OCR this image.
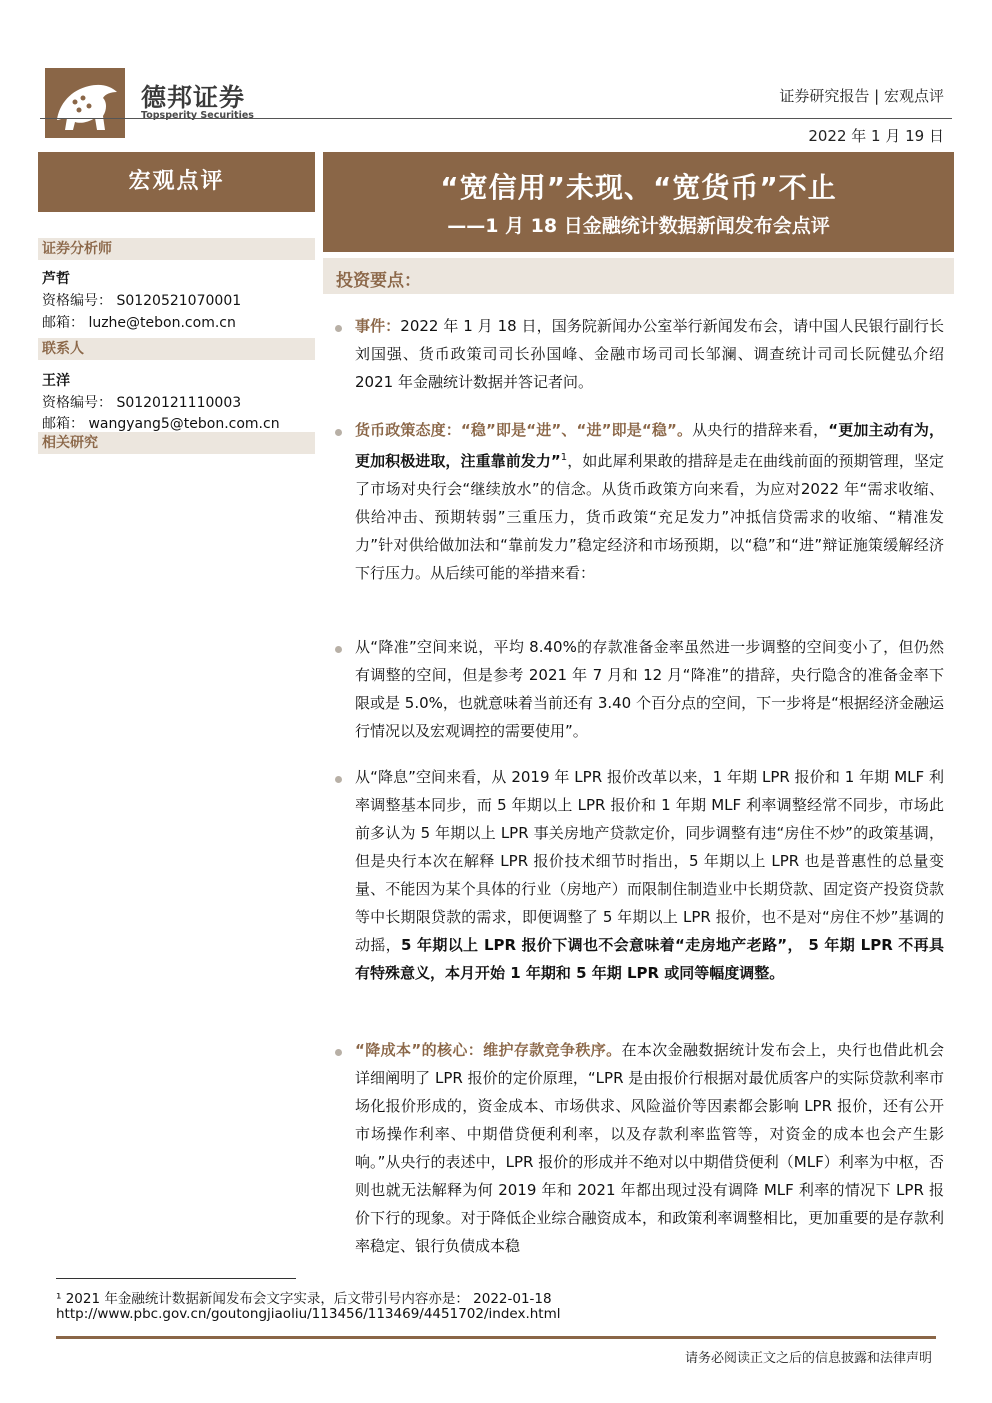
德邦证券
Topsperity Securities
证券研究报告 | 宏观点评
2022 年 1 月 19 日
宏观点评
证券分析师
芦哲
资格编号： S0120521070001
邮箱： luzhe@tebon.com.cn
联系人
王洋
资格编号： S0120121110003
邮箱： wangyang5@tebon.com.cn
相关研究
“宽信用”未现、“宽货币”不止
——1 月 18 日金融统计数据新闻发布会点评
投资要点：
事件：2022 年 1 月 18 日，国务院新闻办公室举行新闻发布会，请中国人民银行副行长刘国强、货币政策司司长孙国峰、金融市场司司长邹澜、调查统计司司长阮健弘介绍 2021 年金融统计数据并答记者问。
货币政策态度：“稳”即是“进”、“进”即是“稳”。从央行的措辞来看，“更加主动有为，更加积极进取，注重靠前发力”$^1$，如此犀利果敢的措辞是走在曲线前面的预期管理，坚定了市场对央行会“继续放水”的信念。从货币政策方向来看，为应对2022 年“需求收缩、供给冲击、预期转弱”三重压力，货币政策“充足发力”冲抵信贷需求的收缩、“精准发力”针对供给做加法和“靠前发力”稳定经济和市场预期，以“稳”和“进”辩证施策缓解经济下行压力。从后续可能的举措来看：
从“降准”空间来说，平均 8.40%的存款准备金率虽然进一步调整的空间变小了，但仍然有调整的空间，但是参考 2021 年 7 月和 12 月“降准”的措辞，央行隐含的准备金率下限或是 5.0%，也就意味着当前还有 3.40 个百分点的空间，下一步将是“根据经济金融运行情况以及宏观调控的需要使用”。
从“降息”空间来看，从 2019 年 LPR 报价改革以来，1 年期 LPR 报价和 1 年期 MLF 利率调整基本同步，而 5 年期以上 LPR 报价和 1 年期 MLF 利率调整经常不同步，市场此前多认为 5 年期以上 LPR 事关房地产贷款定价，同步调整有违“房住不炒”的政策基调，但是央行本次在解释 LPR 报价技术细节时指出，5 年期以上 LPR 也是普惠性的总量变量、不能因为某个具体的行业（房地产）而限制住制造业中长期贷款、固定资产投资贷款等中长期限贷款的需求，即便调整了 5 年期以上 LPR 报价，也不是对“房住不炒”基调的动摇，5 年期以上 LPR 报价下调也不会意味着“走房地产老路”， 5 年期 LPR 不再具有特殊意义，本月开始 1 年期和 5 年期 LPR 或同等幅度调整。
“降成本”的核心：维护存款竞争秩序。在本次金融数据统计发布会上，央行也借此机会详细阐明了 LPR 报价的定价原理，“LPR 是由报价行根据对最优质客户的实际贷款利率市场化报价形成的，资金成本、市场供求、风险溢价等因素都会影响 LPR 报价，还有公开市场操作利率、中期借贷便利利率，以及存款利率监管等，对资金的成本也会产生影响。”从央行的表述中，LPR 报价的形成并不绝对以中期借贷便利（MLF）利率为中枢，否则也就无法解释为何 2019 年和 2021 年都出现过没有调降 MLF 利率的情况下 LPR 报价下行的现象。对于降低企业综合融资成本，和政策利率调整相比，更加重要的是存款利率稳定、银行负债成本稳
¹ 2021 年金融统计数据新闻发布会文字实录，后文带引号内容亦是： 2022-01-18
http://www.pbc.gov.cn/goutongjiaoliu/113456/113469/4451702/index.html
请务必阅读正文之后的信息披露和法律声明
